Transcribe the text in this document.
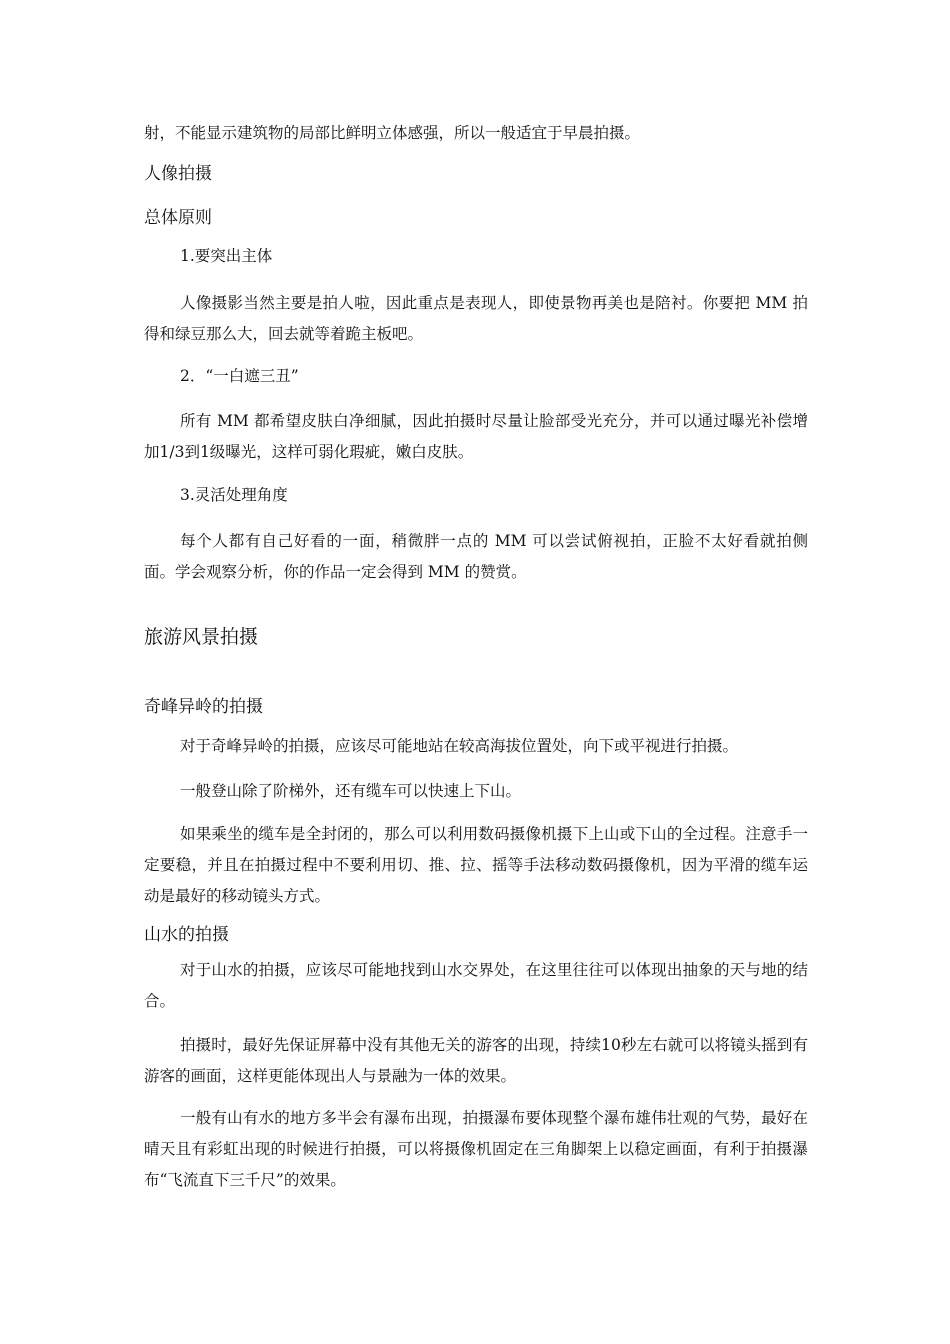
射，不能显示建筑物的局部比鲜明立体感强，所以一般适宜于早晨拍摄。

人像拍摄

总体原则

1.要突出主体

人像摄影当然主要是拍人啦，因此重点是表现人，即使景物再美也是陪衬。你要把 MM 拍得和绿豆那么大，回去就等着跪主板吧。

2．“一白遮三丑”

所有 MM 都希望皮肤白净细腻，因此拍摄时尽量让脸部受光充分，并可以通过曝光补偿增加1/3到1级曝光，这样可弱化瑕疵，嫩白皮肤。

3.灵活处理角度

每个人都有自己好看的一面，稍微胖一点的 MM 可以尝试俯视拍，正脸不太好看就拍侧面。学会观察分析，你的作品一定会得到 MM 的赞赏。

旅游风景拍摄

奇峰异岭的拍摄

对于奇峰异岭的拍摄，应该尽可能地站在较高海拔位置处，向下或平视进行拍摄。

一般登山除了阶梯外，还有缆车可以快速上下山。

如果乘坐的缆车是全封闭的，那么可以利用数码摄像机摄下上山或下山的全过程。注意手一定要稳，并且在拍摄过程中不要利用切、推、拉、摇等手法移动数码摄像机，因为平滑的缆车运动是最好的移动镜头方式。

山水的拍摄

对于山水的拍摄，应该尽可能地找到山水交界处，在这里往往可以体现出抽象的天与地的结合。

拍摄时，最好先保证屏幕中没有其他无关的游客的出现，持续10秒左右就可以将镜头摇到有游客的画面，这样更能体现出人与景融为一体的效果。

一般有山有水的地方多半会有瀑布出现，拍摄瀑布要体现整个瀑布雄伟壮观的气势，最好在晴天且有彩虹出现的时候进行拍摄，可以将摄像机固定在三角脚架上以稳定画面，有利于拍摄瀑布“飞流直下三千尺”的效果。
